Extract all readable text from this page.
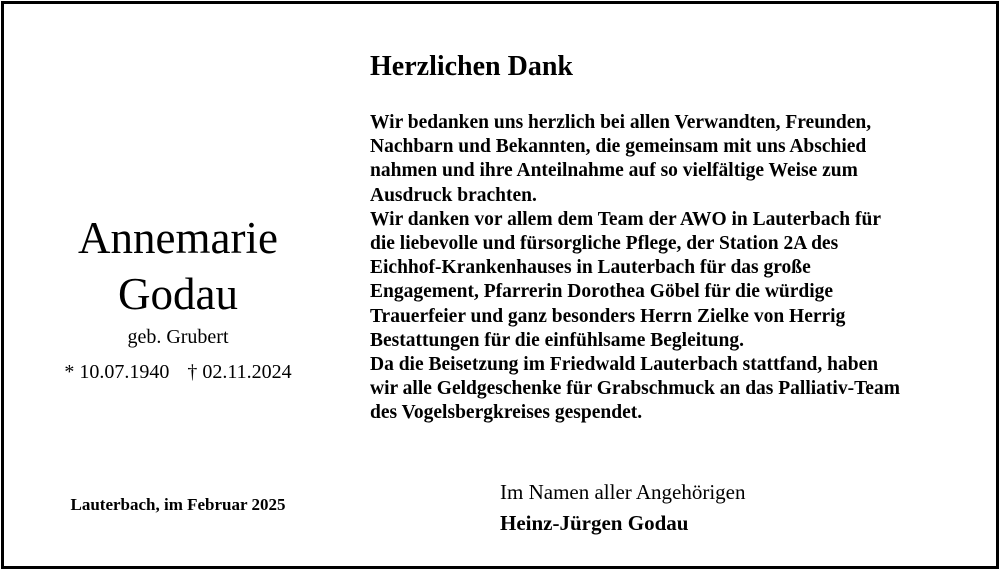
Annemarie
Godau
geb. Grubert
* 10.07.1940 † 02.11.2024
Lauterbach, im Februar 2025
Herzlichen Dank
Wir bedanken uns herzlich bei allen Verwandten, Freunden,
Nachbarn und Bekannten, die gemeinsam mit uns Abschied
nahmen und ihre Anteilnahme auf so vielfältige Weise zum
Ausdruck brachten.
Wir danken vor allem dem Team der AWO in Lauterbach für
die liebevolle und fürsorgliche Pflege, der Station 2A des
Eichhof-Krankenhauses in Lauterbach für das große
Engagement, Pfarrerin Dorothea Göbel für die würdige
Trauerfeier und ganz besonders Herrn Zielke von Herrig
Bestattungen für die einfühlsame Begleitung.
Da die Beisetzung im Friedwald Lauterbach stattfand, haben
wir alle Geldgeschenke für Grabschmuck an das Palliativ-Team
des Vogelsbergkreises gespendet.
Im Namen aller Angehörigen
Heinz-Jürgen Godau
